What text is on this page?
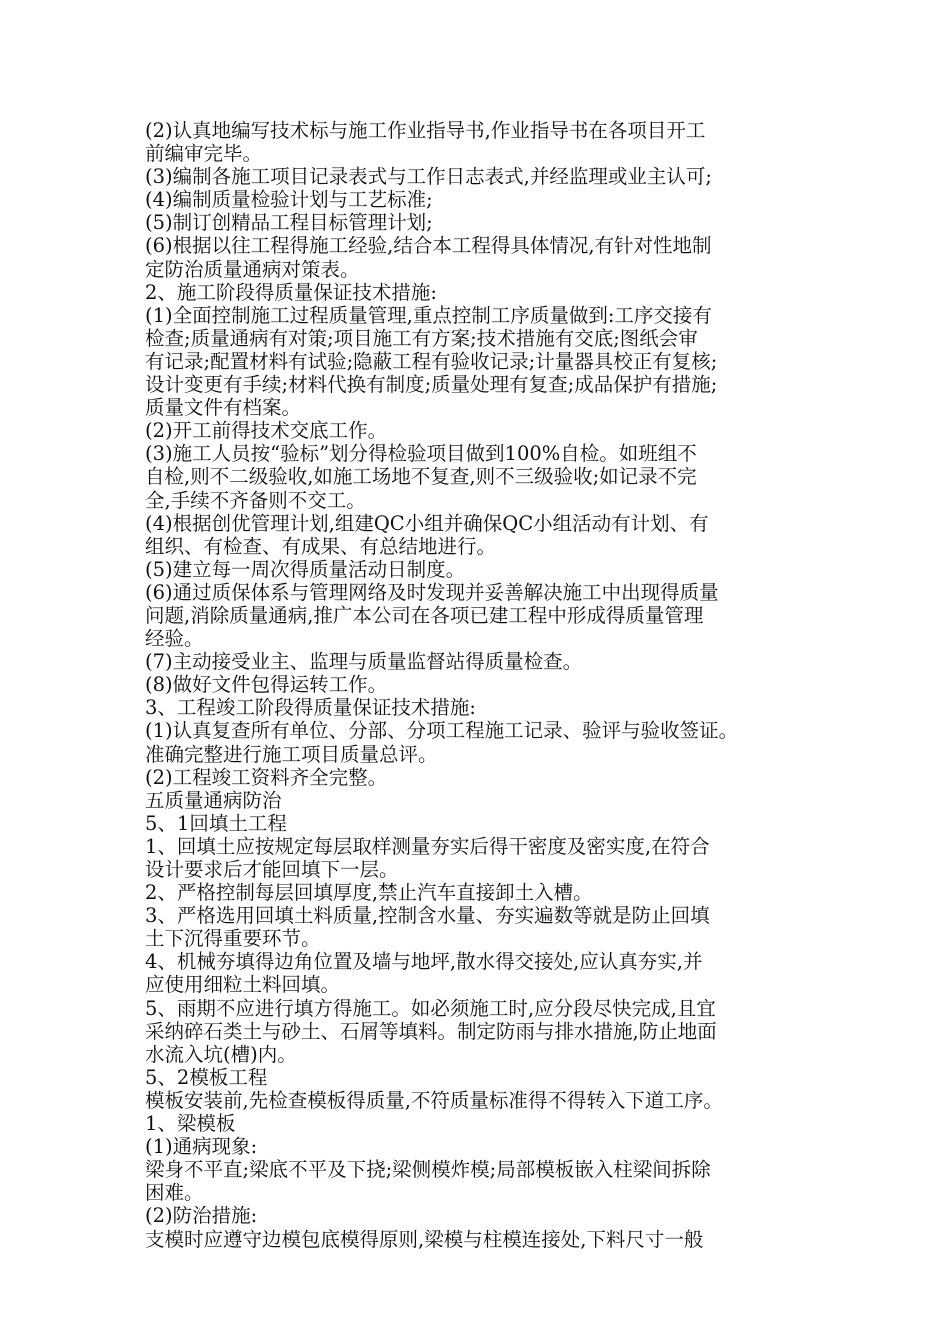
(2)认真地编写技术标与施工作业指导书,作业指导书在各项目开工
前编审完毕。
(3)编制各施工项目记录表式与工作日志表式,并经监理或业主认可;
(4)编制质量检验计划与工艺标准;
(5)制订创精品工程目标管理计划;
(6)根据以往工程得施工经验,结合本工程得具体情况,有针对性地制
定防治质量通病对策表。
2、施工阶段得质量保证技术措施:
(1)全面控制施工过程质量管理,重点控制工序质量做到:工序交接有
检查;质量通病有对策;项目施工有方案;技术措施有交底;图纸会审
有记录;配置材料有试验;隐蔽工程有验收记录;计量器具校正有复核;
设计变更有手续;材料代换有制度;质量处理有复查;成品保护有措施;
质量文件有档案。
(2)开工前得技术交底工作。
(3)施工人员按“验标”划分得检验项目做到100%自检。如班组不
自检,则不二级验收,如施工场地不复查,则不三级验收;如记录不完
全,手续不齐备则不交工。
(4)根据创优管理计划,组建QC小组并确保QC小组活动有计划、有
组织、有检查、有成果、有总结地进行。
(5)建立每一周次得质量活动日制度。
(6)通过质保体系与管理网络及时发现并妥善解决施工中出现得质量
问题,消除质量通病,推广本公司在各项已建工程中形成得质量管理
经验。
(7)主动接受业主、监理与质量监督站得质量检查。
(8)做好文件包得运转工作。
3、工程竣工阶段得质量保证技术措施:
(1)认真复查所有单位、分部、分项工程施工记录、验评与验收签证。
准确完整进行施工项目质量总评。
(2)工程竣工资料齐全完整。
五质量通病防治
5、1回填土工程
1、回填土应按规定每层取样测量夯实后得干密度及密实度,在符合
设计要求后才能回填下一层。
2、严格控制每层回填厚度,禁止汽车直接卸土入槽。
3、严格选用回填土料质量,控制含水量、夯实遍数等就是防止回填
土下沉得重要环节。
4、机械夯填得边角位置及墙与地坪,散水得交接处,应认真夯实,并
应使用细粒土料回填。
5、雨期不应进行填方得施工。如必须施工时,应分段尽快完成,且宜
采纳碎石类土与砂土、石屑等填料。制定防雨与排水措施,防止地面
水流入坑(槽)内。
5、2模板工程
模板安装前,先检查模板得质量,不符质量标准得不得转入下道工序。
1、梁模板
(1)通病现象:
梁身不平直;梁底不平及下挠;梁侧模炸模;局部模板嵌入柱梁间拆除
困难。
(2)防治措施:
支模时应遵守边模包底模得原则,梁模与柱模连接处,下料尺寸一般
